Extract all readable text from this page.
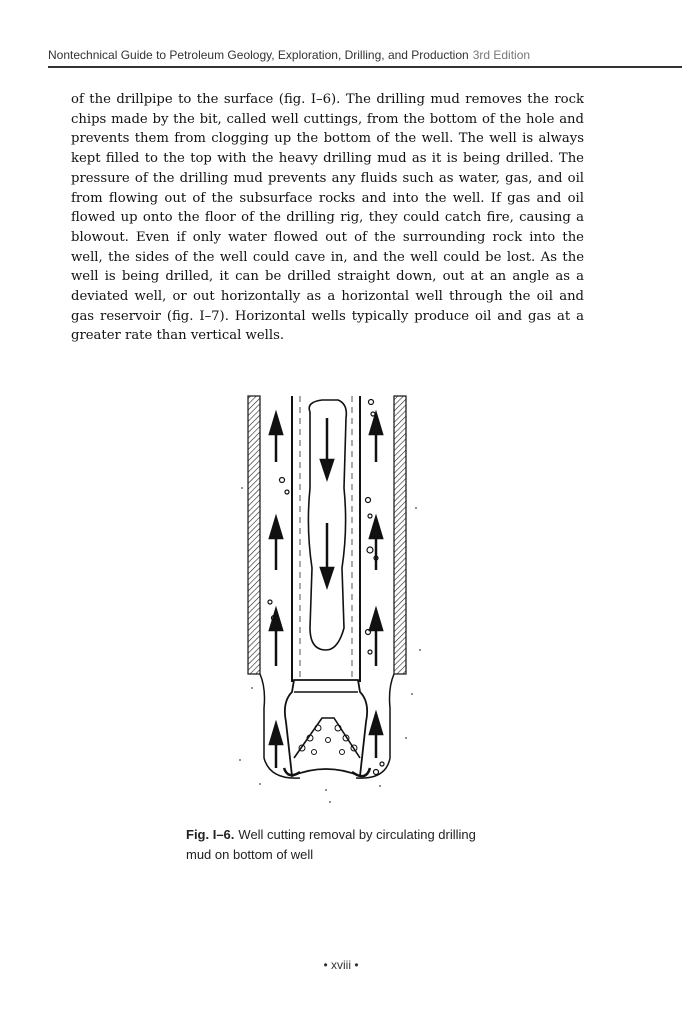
Nontechnical Guide to Petroleum Geology, Exploration, Drilling, and Production 3rd Edition

of the drillpipe to the surface (fig. I–6). The drilling mud removes the rock chips made by the bit, called well cuttings, from the bottom of the hole and prevents them from clogging up the bottom of the well. The well is always kept filled to the top with the heavy drilling mud as it is being drilled. The pressure of the drilling mud prevents any fluids such as water, gas, and oil from flowing out of the subsurface rocks and into the well. If gas and oil flowed up onto the floor of the drilling rig, they could catch fire, causing a blowout. Even if only water flowed out of the surrounding rock into the well, the sides of the well could cave in, and the well could be lost. As the well is being drilled, it can be drilled straight down, out at an angle as a deviated well, or out horizontally as a horizontal well through the oil and gas reservoir (fig. I–7). Horizontal wells typically produce oil and gas at a greater rate than vertical wells.

Fig. I–6. Well cutting removal by circulating drilling mud on bottom of well
• xviii •
